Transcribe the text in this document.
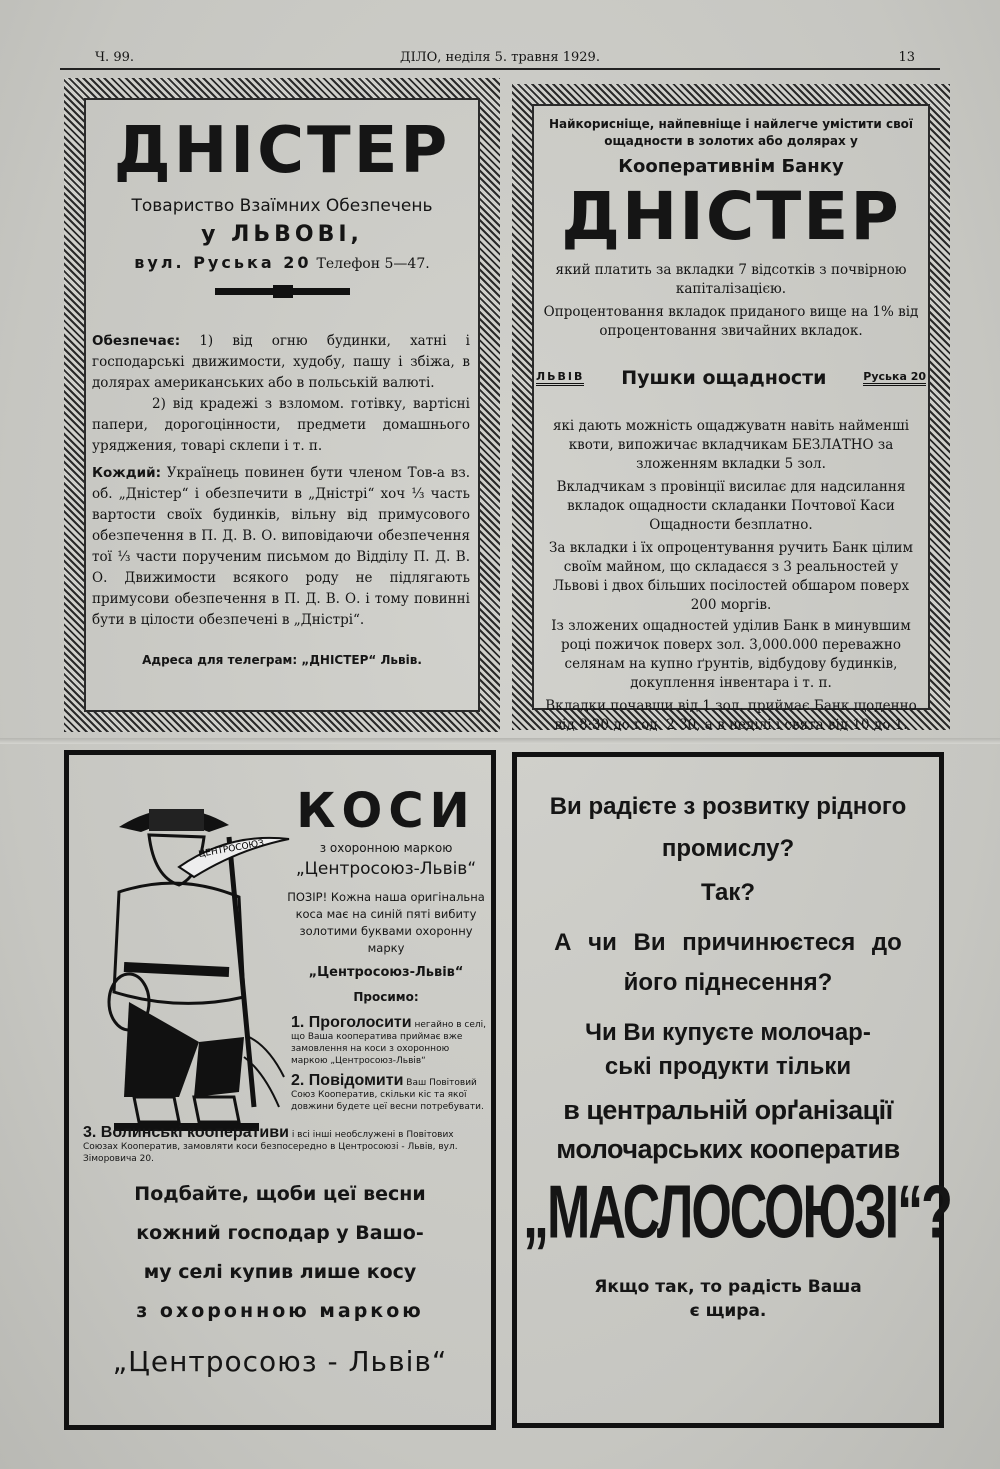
Ч. 99.	ДІЛО, неділя 5. травня 1929.	13
ДНІСТЕР
Товариство Взаїмних Обезпечень
у ЛЬВОВІ,
вул. Руська 20 Телефон 5—47.

Обезпечає: 1) від огню будинки, хатні і господарські движимости, худобу, пашу і збіжа, в долярах американських або в польській валюті.

2) від крадежі з взломом. готівку, вартісні папери, дорогоцінности, предмети домашнього уряджения, товарі склепи і т. п.

Кождий: Українець повинен бути членом Тов-а вз. об. „Дністер“ і обезпечити в „Дністрі“ хоч ⅓ часть вартости своїх будинків, вільну від примусового обезпечення в П. Д. В. О. виповідаючи обезпечення тої ⅓ части порученим письмом до Відділу П. Д. В. О. Движимости всякого роду не підлягають примусови обезпечення в П. Д. В. О. і тому повинні бути в цілости обезпечені в „Дністрі“.

Адреса для телеграм: „ДНІСТЕР“ Львів.
Найкорисніще, найпевніще і найлегче умістити свої ощадности в золотих або долярах у
Кооперативнім Банку
ДНІСТЕР

який платить за вкладки 7 відсотків з почвірною капіталізацією.

Опроцентовання вкладок приданого вище на 1% від опроцентовання звичайних вкладок.

ЛЬВІВ Пушки ощадности	Руська 20

які дають можність ощаджуватн навіть найменші квоти, випожичає вкладчикам БЕЗЛАТНО за зложенням вкладки 5 зол.

Вкладчикам з провінції висилає для надсилання вкладок ощадности складанки Почтової Каси Ощадности безплатно.

За вкладки і їх опроцентування ручить Банк цілим своїм майном, що складаєся з 3 реальностей у Львові і двох більших посілостей обшаром поверх 200 моргів.

Із зложених ощадностей уділив Банк в минувшим році пожичок поверх зол. 3,000.000 переважно селянам на купно ґрунтів, відбудову будинків, докуплення інвентара і т. п.

Вкладки почавши від 1 зол. приймає Банк щоденно від 8·30 до год. 2·30, а в неділі і свята від 10 до 1.

ЦЕНТРОСОЮЗ
КОСИ
з охоронною маркою
„Центросоюз-Львів“
ПОЗІР! Кожна наша оригінальна коса має на синій пяті вибиту золотими буквами охоронну марку
„Центросоюз-Львів“
Просимо:

1. Проголосити негайно в селі, що Ваша кооператива приймає вже замовлення на коси з охоронною маркою „Центросоюз-Львів“

2. Повідомити Ваш Повітовий Союз Кооператив, скільки кіс та якої довжини будете цеї весни потребувати.

3. Волинські кооперативи і всі інші необслужені в Повітових Союзах Кооператив, замовляти коси безпосередно в Центросоюзі - Львів, вул. Зіморовича 20.

Подбайте, щоби цеї весни
кожний господар у Вашо-
му селі купив лише косу
з охоронною маркою
„Центросоюз - Львів“
Ви радієте з розвитку рідного
промислу?
Так?
А чи Ви причинюєтеся до
його піднесення?
Чи Ви купуєте молочар-
ські продукти тільки
в центральній орґанізації
молочарських кооператив
„МАСЛОСОЮЗІ“?
Якщо так, то радість Ваша
є щира.
